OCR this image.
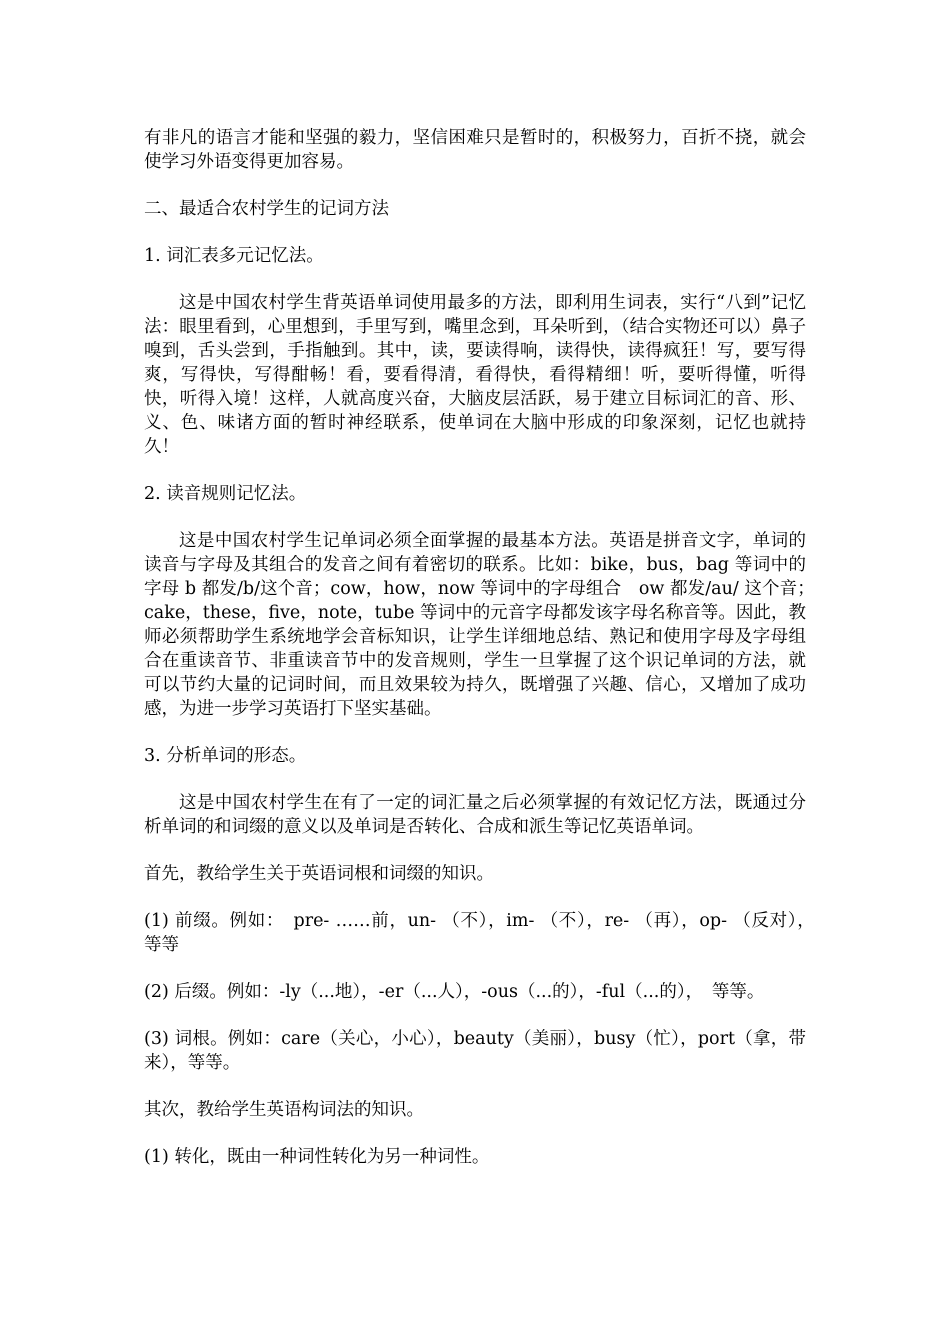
有非凡的语言才能和坚强的毅力，坚信困难只是暂时的，积极努力，百折不挠，就会使学习外语变得更加容易。

二、最适合农村学生的记词方法

1. 词汇表多元记忆法。

这是中国农村学生背英语单词使用最多的方法，即利用生词表，实行“八到”记忆法：眼里看到，心里想到，手里写到，嘴里念到，耳朵听到，（结合实物还可以）鼻子嗅到，舌头尝到，手指触到。其中，读，要读得响，读得快，读得疯狂！写，要写得爽，写得快，写得酣畅！看，要看得清，看得快，看得精细！听，要听得懂，听得快，听得入境！这样，人就高度兴奋，大脑皮层活跃，易于建立目标词汇的音、形、义、色、味诸方面的暂时神经联系，使单词在大脑中形成的印象深刻，记忆也就持久！

2. 读音规则记忆法。

这是中国农村学生记单词必须全面掌握的最基本方法。英语是拼音文字，单词的读音与字母及其组合的发音之间有着密切的联系。比如：bike，bus，bag 等词中的字母 b 都发/b/这个音；cow，how，now 等词中的字母组合　ow 都发/au/ 这个音；　cake，these，five，note，tube 等词中的元音字母都发该字母名称音等。因此，教师必须帮助学生系统地学会音标知识，让学生详细地总结、熟记和使用字母及字母组合在重读音节、非重读音节中的发音规则，学生一旦掌握了这个识记单词的方法，就可以节约大量的记词时间，而且效果较为持久，既增强了兴趣、信心，又增加了成功感，为进一步学习英语打下坚实基础。

3. 分析单词的形态。

这是中国农村学生在有了一定的词汇量之后必须掌握的有效记忆方法，既通过分析单词的和词缀的意义以及单词是否转化、合成和派生等记忆英语单词。

首先，教给学生关于英语词根和词缀的知识。

(1) 前缀。例如：　pre- ……前，un- （不），im- （不），re- （再），op- （反对），　等等

(2) 后缀。例如：-ly（...地），-er（...人），-ous（...的），-ful（...的），　等等。

(3) 词根。例如：care（关心，小心），beauty（美丽），busy（忙），port（拿，带来），等等。

其次，教给学生英语构词法的知识。

(1) 转化，既由一种词性转化为另一种词性。
